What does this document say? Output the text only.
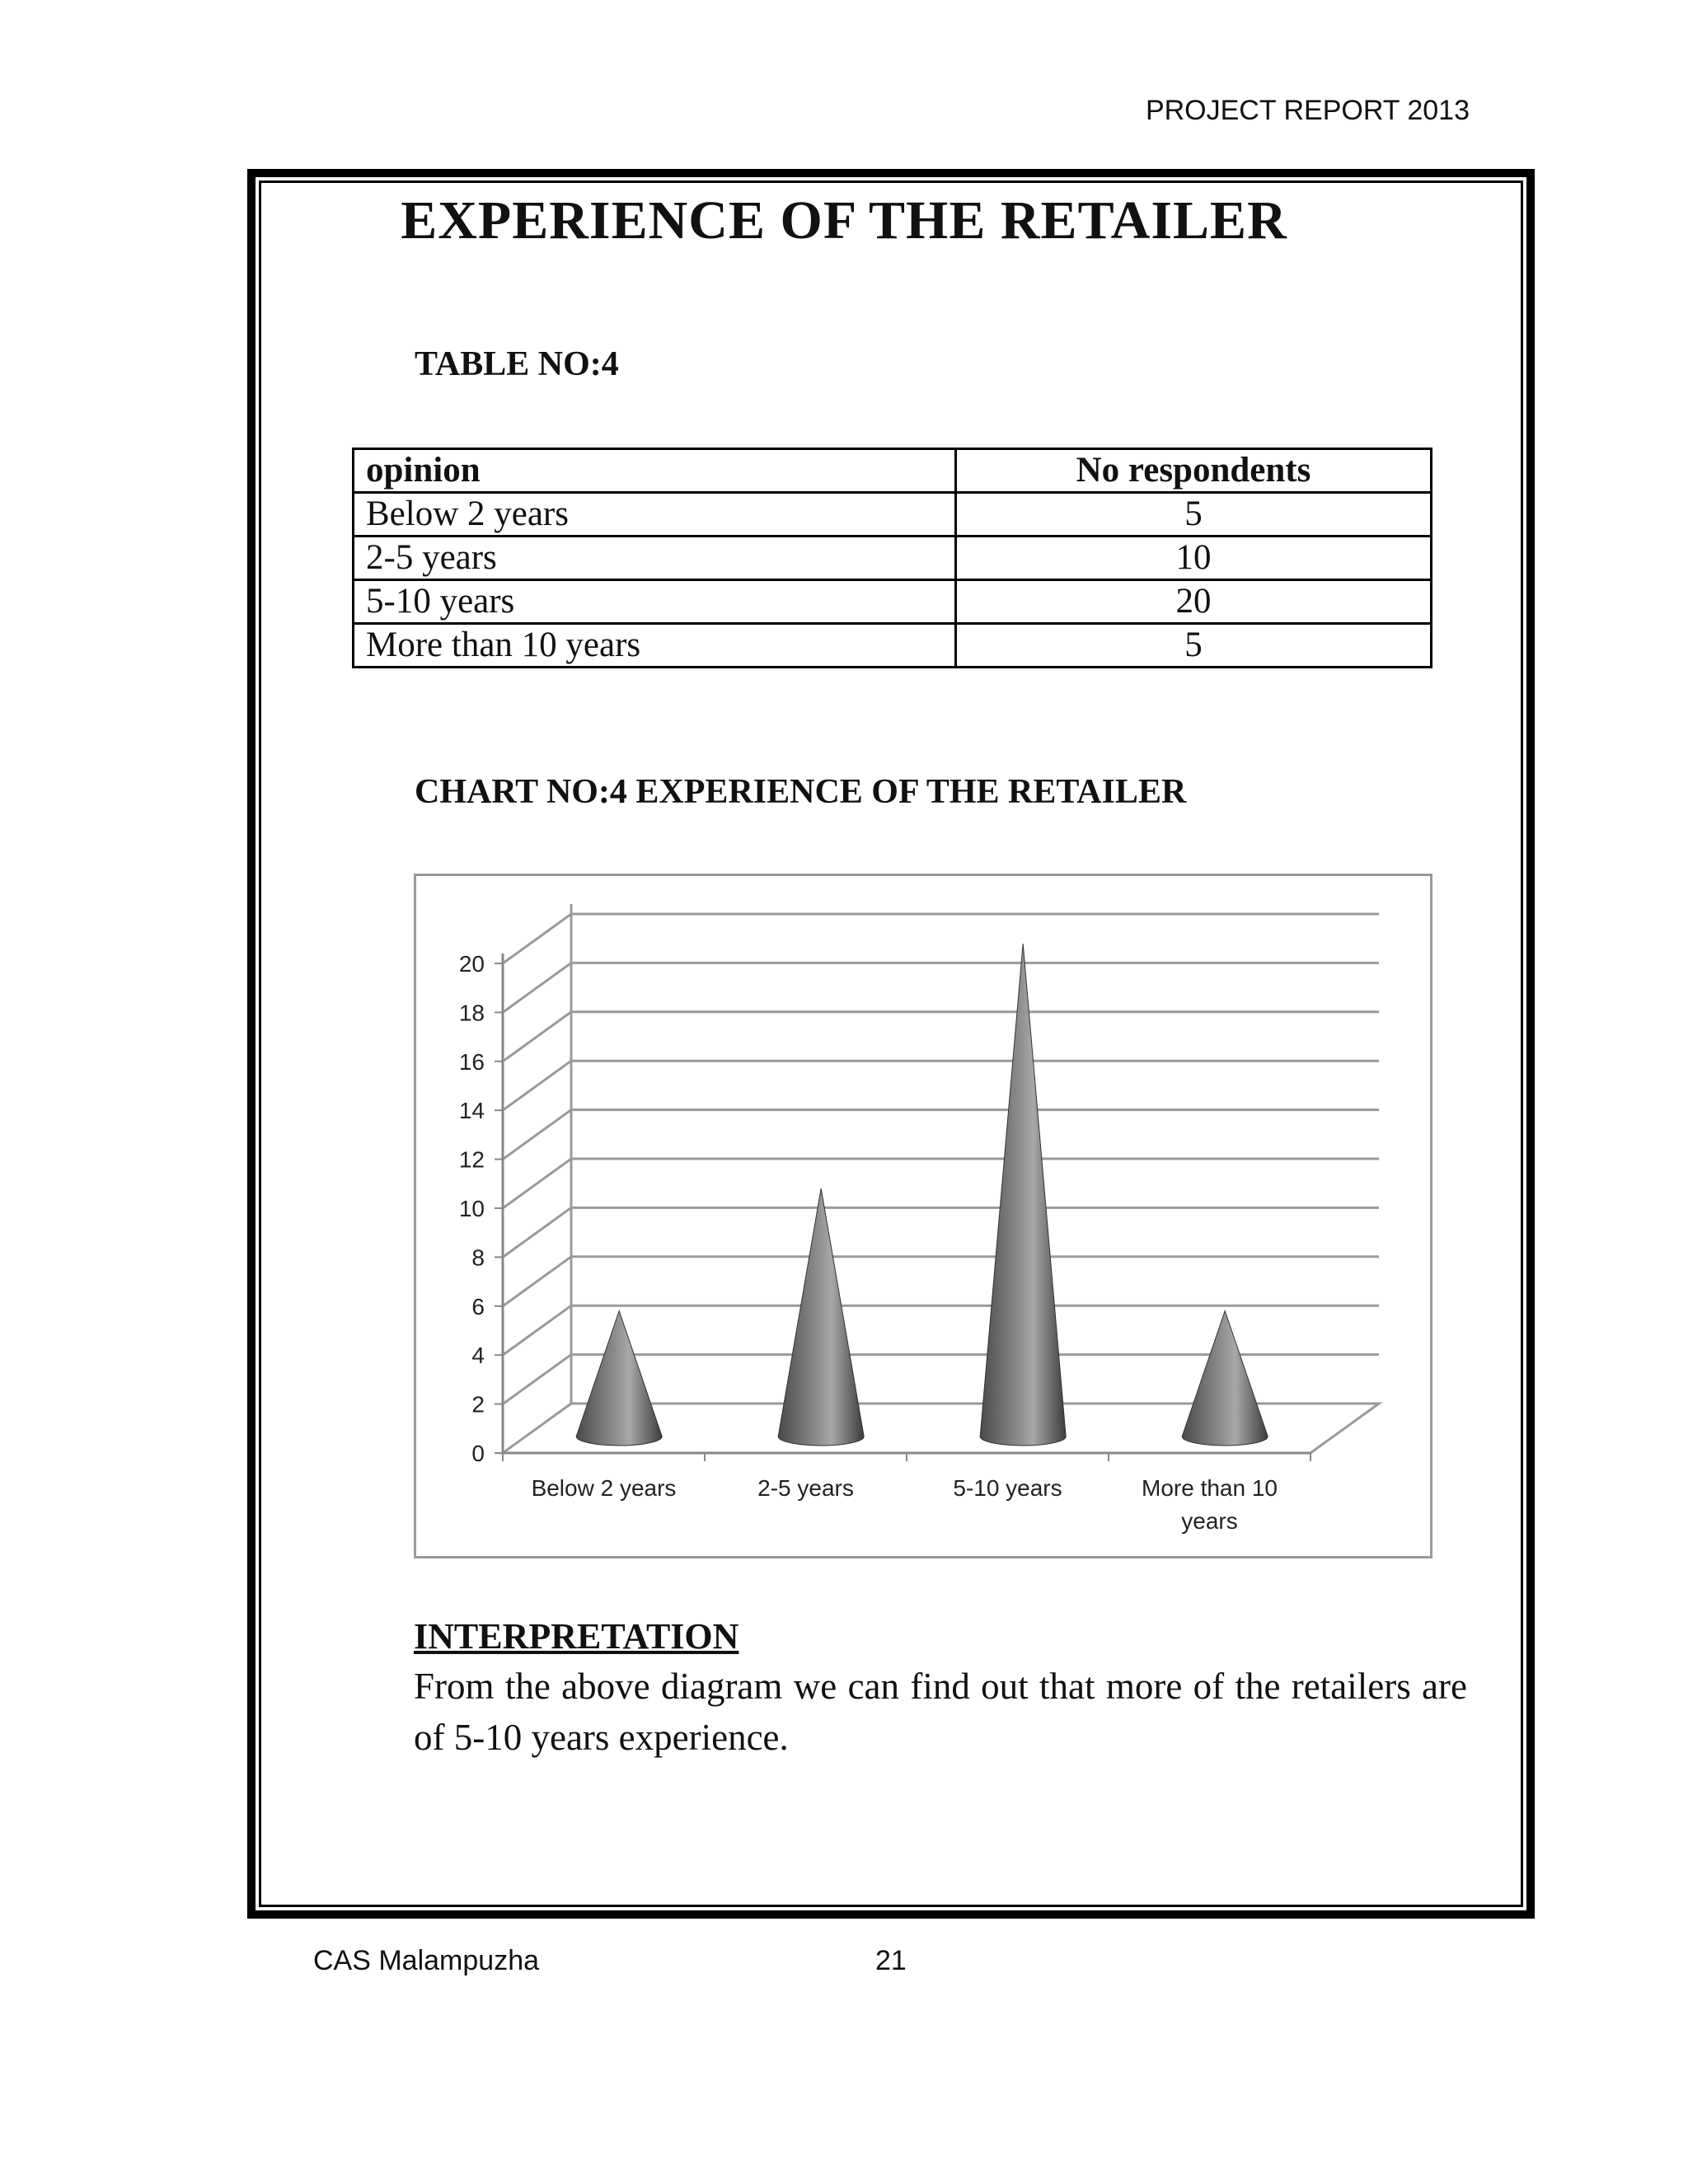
PROJECT REPORT 2013
EXPERIENCE OF THE RETAILER
TABLE NO:4
opinion	No respondents
Below 2 years	5
2-5 years	10
5-10 years	20
More than 10 years	5
CHART NO:4 EXPERIENCE OF THE RETAILER
0
2
4
6
8
10
12
14
16
18
20
Below 2 years	2-5 years	5-10 years	More than 10 years
INTERPRETATION
From the above diagram we can find out that more of the retailers are of 5-10 years experience.
CAS Malampuzha	21
